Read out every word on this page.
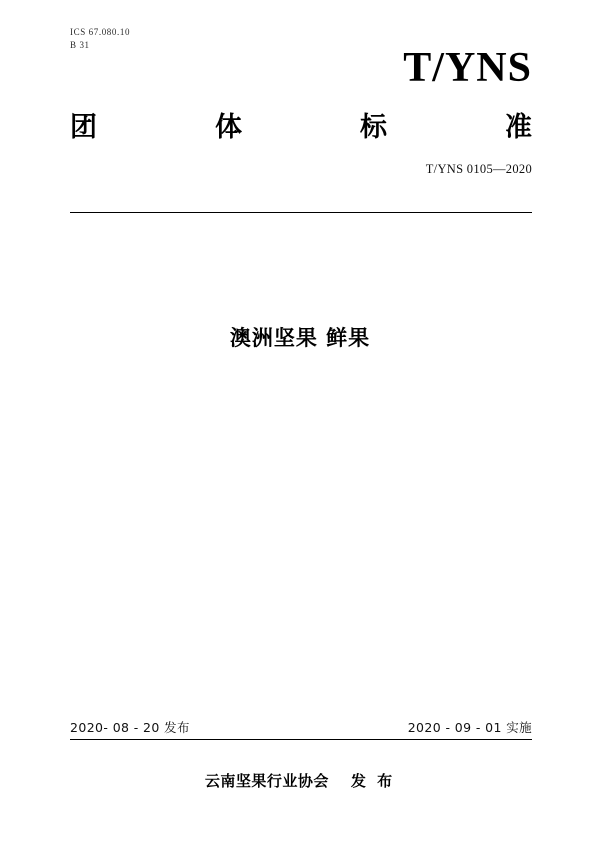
ICS 67.080.10
B 31	T/YNS
团	体	标	准
T/YNS 0105—2020
澳洲坚果 鲜果
2020- 08 - 20 发布	2020 - 09 - 01 实施
云南坚果行业协会 发 布
